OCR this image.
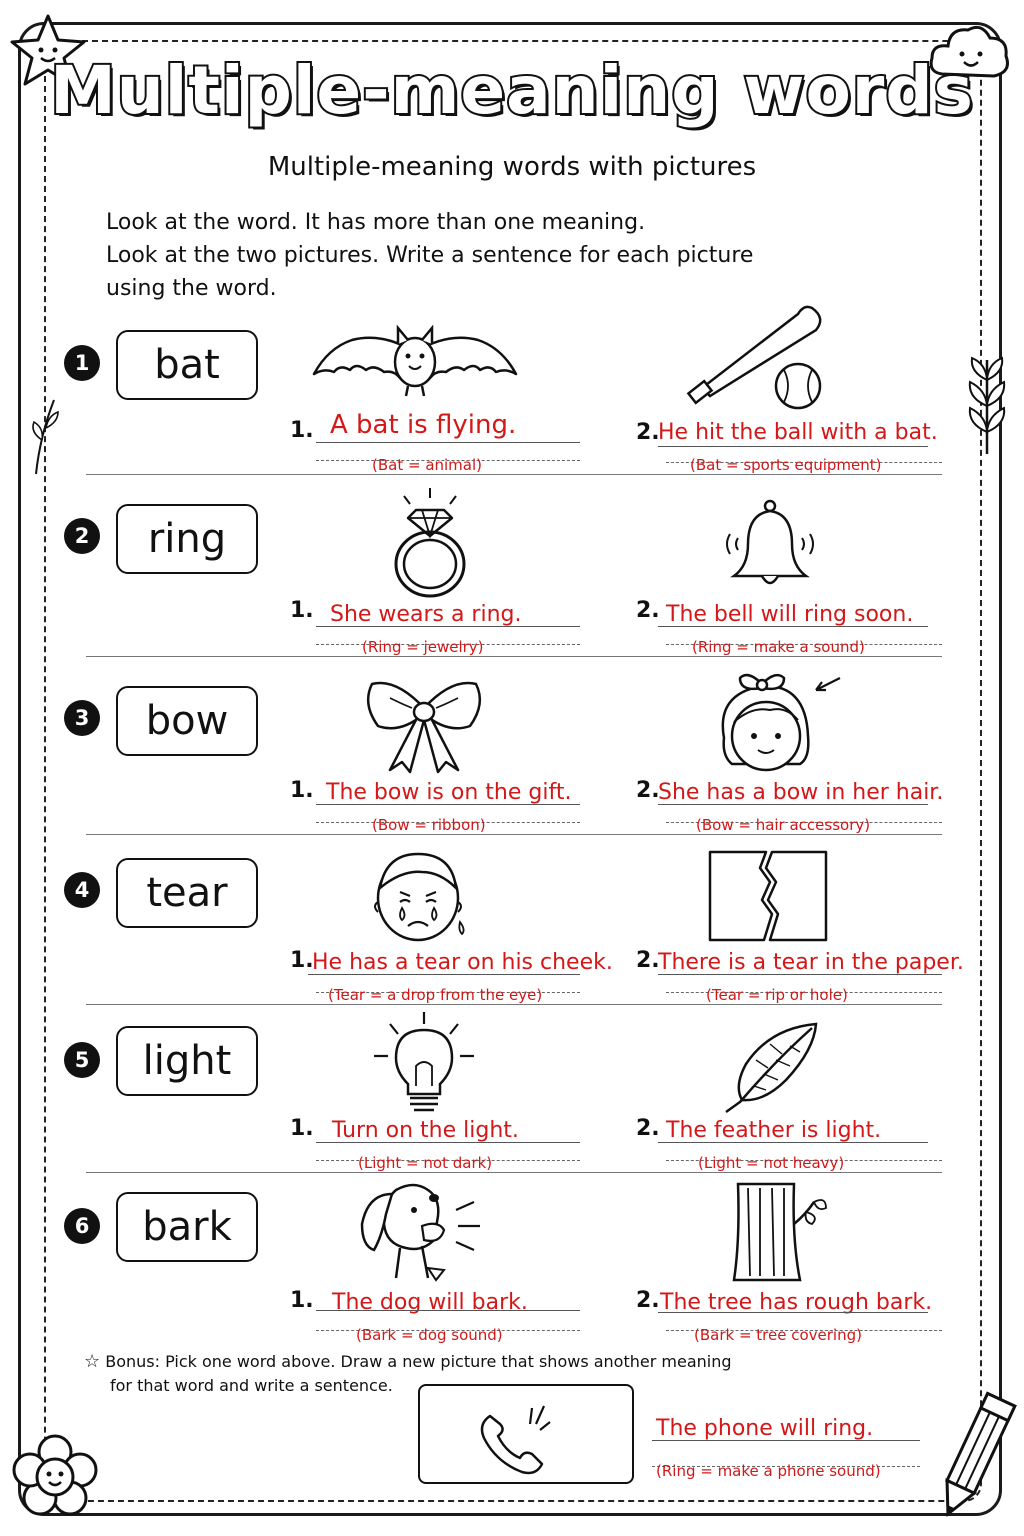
Multiple-meaning words
Multiple-meaning words with pictures
Look at the word. It has more than one meaning.
Look at the two pictures. Write a sentence for each picture
using the word.
1	bat
1. A bat is flying.
(Bat = animal)
2.
He hit the ball with a bat.
(Bat = sports equipment)
2	ring
1. She wears a ring.
(Ring = jewelry)
2. The bell will ring soon.
(Ring = make a sound)
3	bow
1. The bow is on the gift.
(Bow = ribbon)
2.
She has a bow in her hair.
(Bow = hair accessory)
4	tear
1.
He has a tear on his cheek.
(Tear = a drop from the eye)
2.
There is a tear in the paper.
(Tear = rip or hole)
5	light
1. Turn on the light.
(Light = not dark)
2. The feather is light.
(Light = not heavy)
6	bark
1. The dog will bark.
(Bark = dog sound)
2. The tree has rough bark.
(Bark = tree covering)
☆ Bonus: Pick one word above. Draw a new picture that shows another meaning
for that word and write a sentence.
The phone will ring.
(Ring = make a phone sound)
